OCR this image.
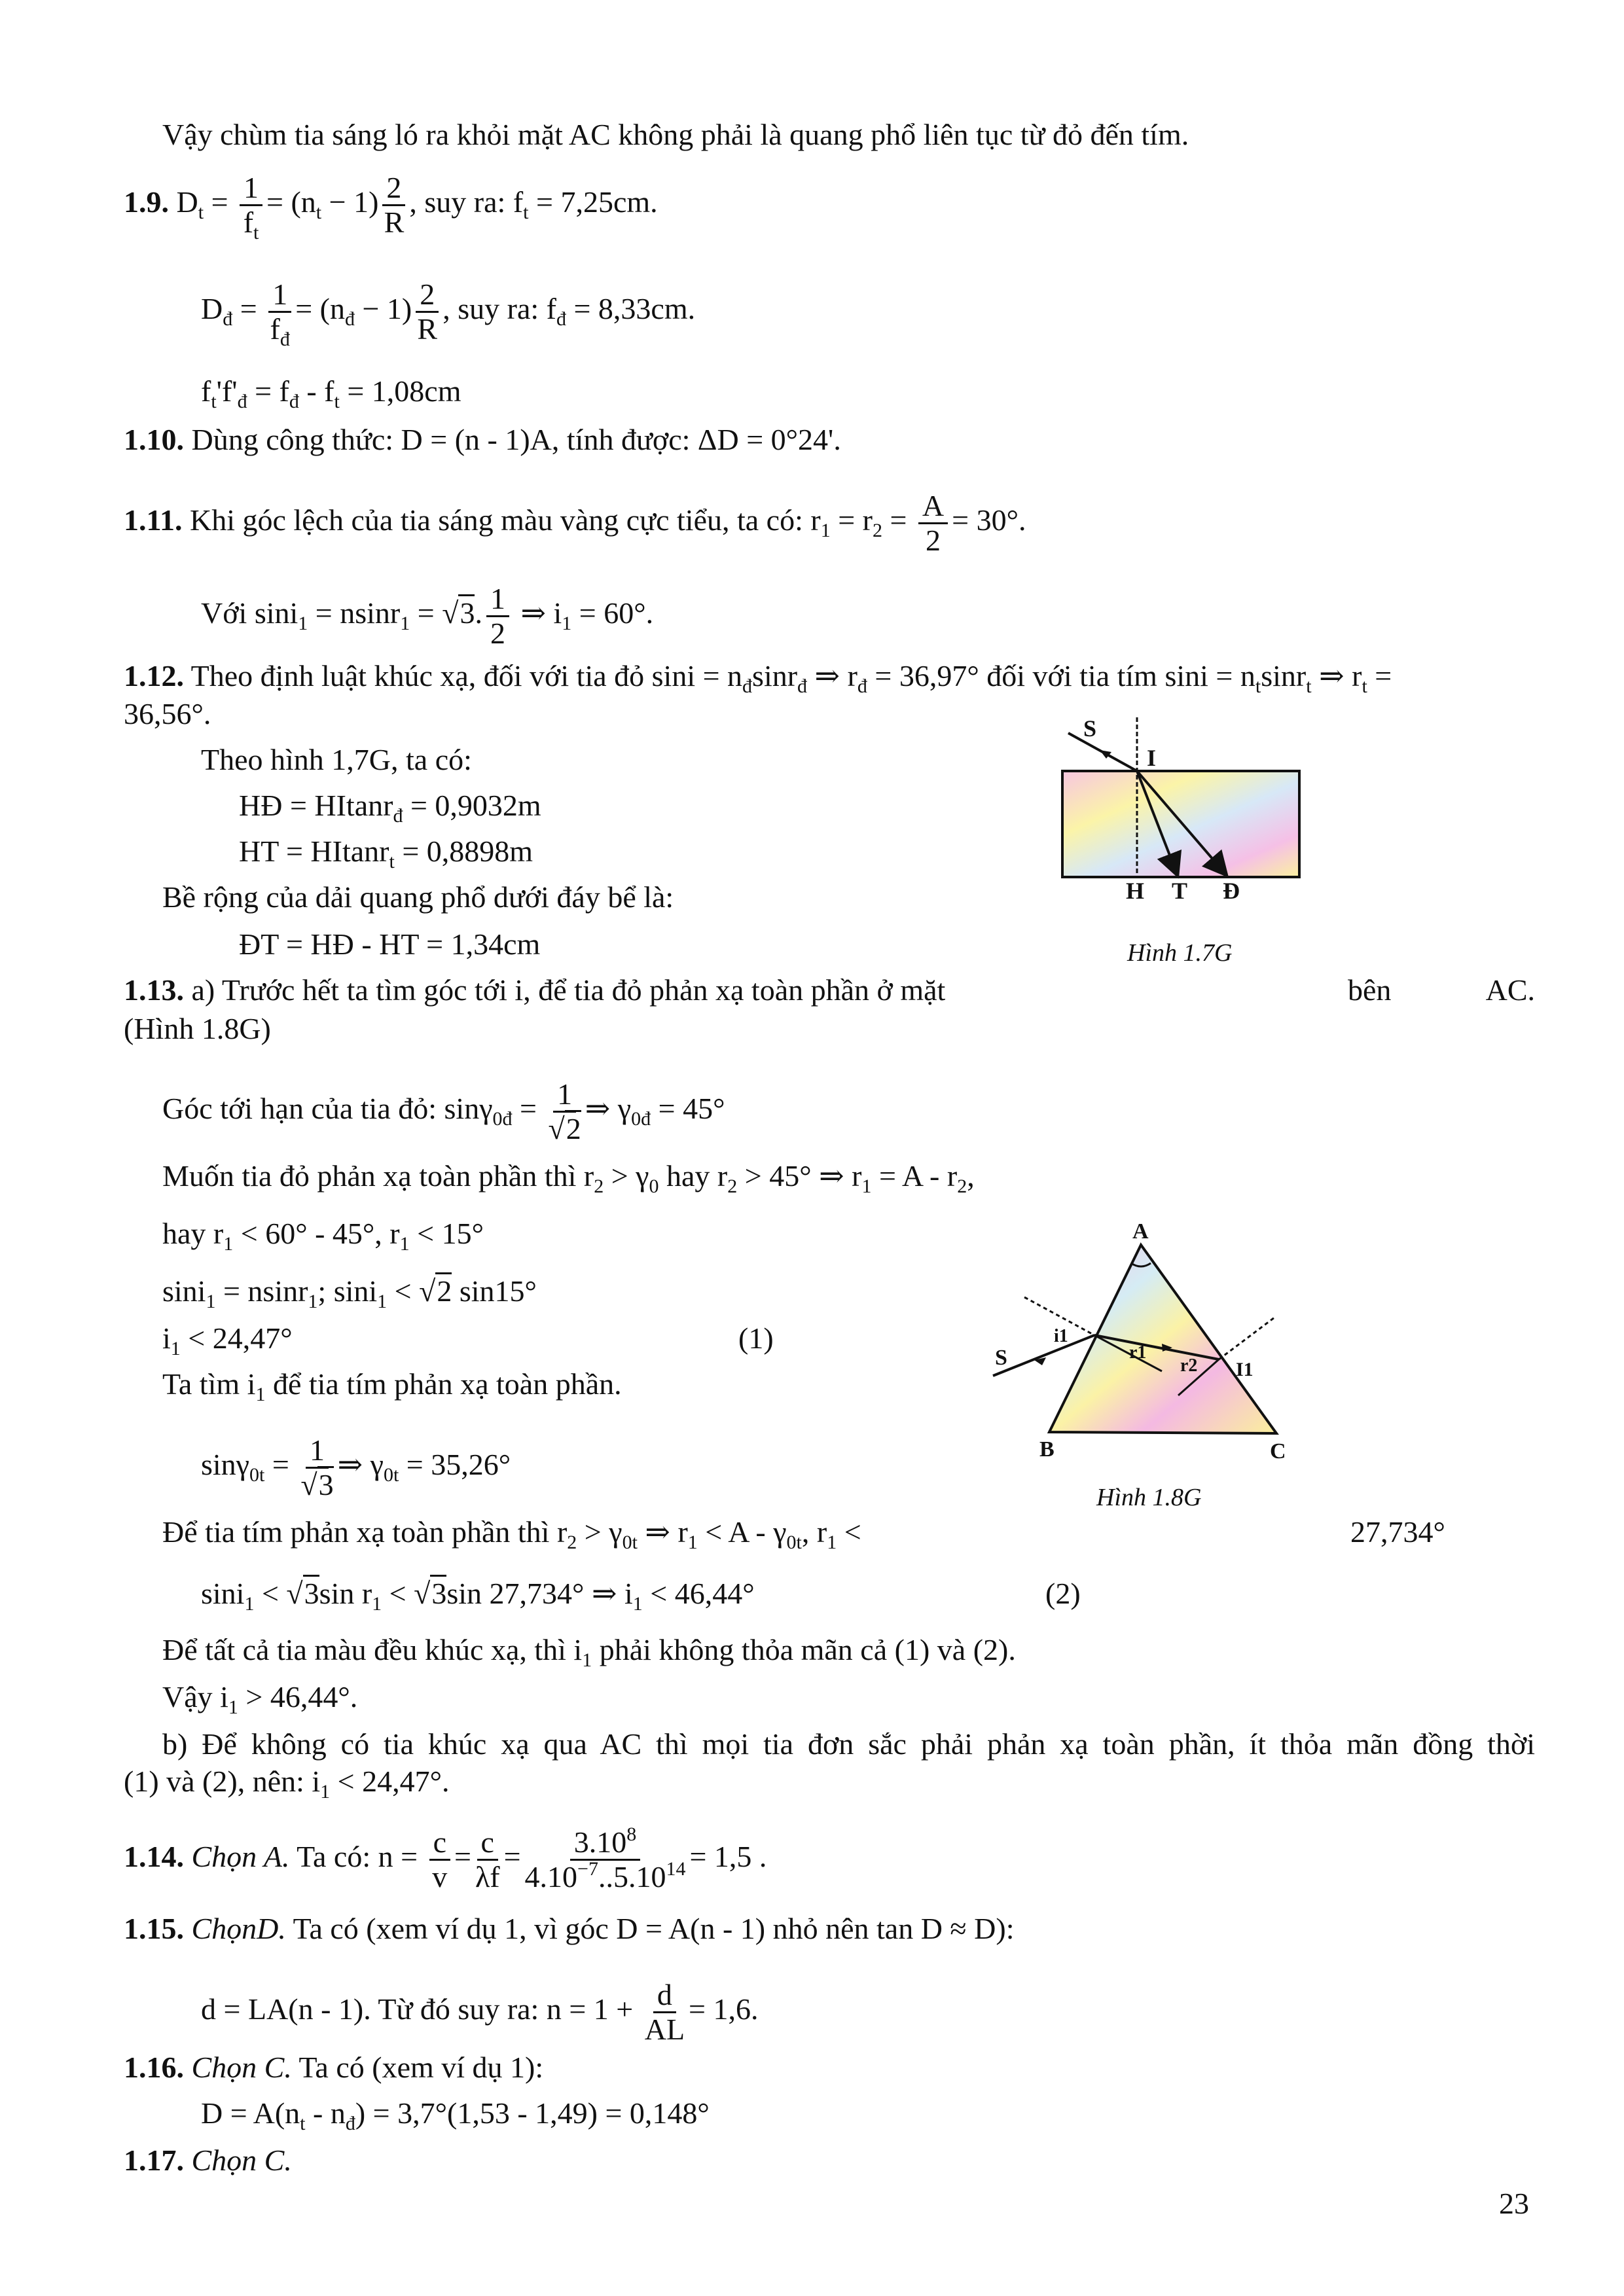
Vậy chùm tia sáng ló ra khỏi mặt AC không phải là quang phổ liên tục từ đỏ đến tím.
1.9. $D_t = \frac{1}{f_t} = (n_t - 1) \frac{2}{R}$ , suy ra: $f_t = 7,25cm$.
$D_đ = \frac{1}{f_đ} = (n_đ - 1) \frac{2}{R}$ , suy ra: $f_đ = 8,33cm$.
$f_t'f'_đ = f_đ - f_t = 1,08cm$
1.10. Dùng công thức: D = (n - 1)A, tính được: ΔD = 0°24'.
1.11. Khi góc lệch của tia sáng màu vàng cực tiểu, ta có: $r_1 = r_2 = \frac{A}{2} = 30^\circ$.
Với sini$_1$ = nsinr$_1$ = √3. $\frac{1}{2}$ ⇒ $i_1 = 60^\circ$.
1.12. Theo định luật khúc xạ, đối với tia đỏ $\sin i = n_đ\sin r_đ$ ⇒ $r_đ = 36,97^\circ$ đối với tia tím $\sin i = n_t\sin r_t$ ⇒ $r_t$ =
36,56°.
Theo hình 1,7G, ta có:
HĐ = HItanr$_đ$ = 0,9032m
HT = HItanr$_t$ = 0,8898m
Bề rộng của dải quang phổ dưới đáy bể là:
ĐT = HĐ - HT = 1,34cm
S
I
H T Đ
Hình 1.7G
1.13. a) Trước hết ta tìm góc tới i, để tia đỏ phản xạ toàn phần ở mặt	bên	AC.
(Hình 1.8G)
Góc tới hạn của tia đỏ: $\sin\gamma_{0đ} = \frac{1}{√2}$ ⇒ $\gamma_{0đ} = 45^\circ$
Muốn tia đỏ phản xạ toàn phần thì $r_2 > \gamma_0$ hay $r_2 > 45^\circ$ ⇒ $r_1 = A - r_2$,
hay $r_1 < 60^\circ - 45^\circ$, $r_1 < 15^\circ$
sini$_1$ = nsinr$_1$; sini$_1$ < √2 sin15°
$i_1 < 24,47^\circ$	(1)
Ta tìm $i_1$ để tia tím phản xạ toàn phần.
$\sin\gamma_{0t} = \frac{1}{√3}$ ⇒ $\gamma_{0t} = 35,26^\circ$
Để tia tím phản xạ toàn phần thì $r_2 > \gamma_{0t}$ ⇒ $r_1 < A - \gamma_{0t}$, $r_1$ <	27,734°
sini$_1$ < √3sin $r_1 < √3\sin$ 27,734° ⇒ $i_1 < 46,44^\circ$	(2)
Để tất cả tia màu đều khúc xạ, thì $i_1$ phải không thỏa mãn cả (1) và (2).
Vậy $i_1 > 46,44^\circ$.
b) Để không có tia khúc xạ qua AC thì mọi tia đơn sắc phải phản xạ toàn phần, ít thỏa mãn đồng thời
(1) và (2), nên: $i_1 < 24,47^\circ$.
A
B	C
S
i1
r1
r2 I1
Hình 1.8G
1.14. Chọn A. Ta có: $n = \frac{c}{v} = \frac{c}{\lambda f} = \frac{3.10^8}{4.10^{-7}..5.10^{14}} = 1,5$ .
1.15. ChọnD. Ta có (xem ví dụ 1, vì góc D = A(n - 1) nhỏ nên tan D ≈ D):
d = LA(n - 1). Từ đó suy ra: $n = 1 + \frac{d}{AL} = 1,6$.
1.16. Chọn C. Ta có (xem ví dụ 1):
$D = A(n_t - n_đ) = 3,7^\circ(1,53 - 1,49) = 0,148^\circ$
1.17. Chọn C.
23
